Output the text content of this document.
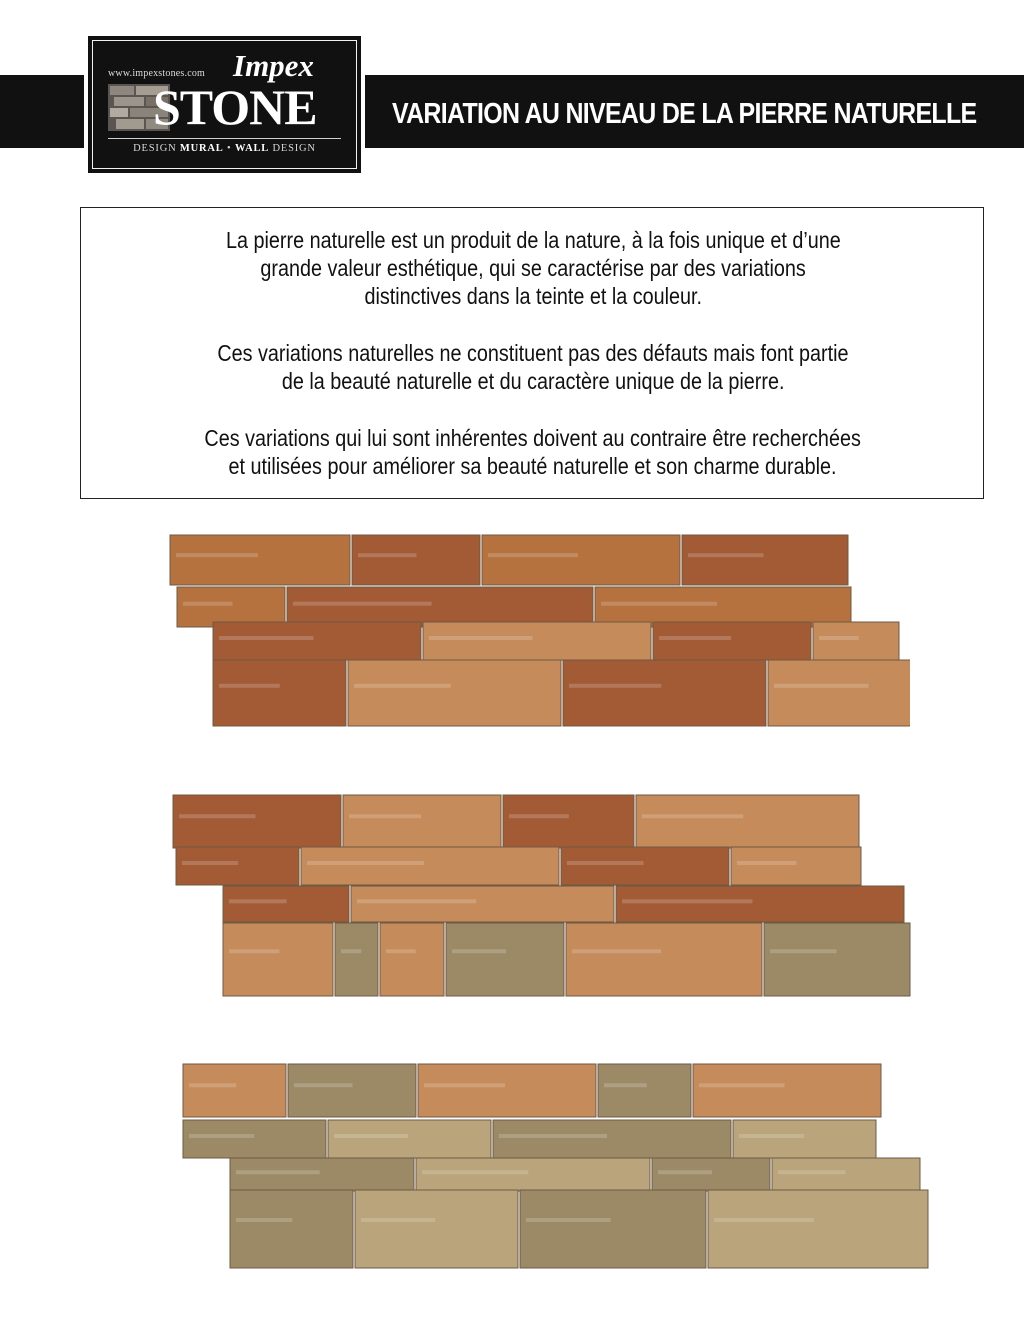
VARIATION AU NIVEAU DE LA PIERRE NATURELLE
www.impexstones.com Impex
STONE
DESIGN MURAL • WALL DESIGN

La pierre naturelle est un produit de la nature, à la fois unique et d’une
grande valeur esthétique, qui se caractérise par des variations
distinctives dans la teinte et la couleur.

Ces variations naturelles ne constituent pas des défauts mais font partie
de la beauté naturelle et du caractère unique de la pierre.

Ces variations qui lui sont inhérentes doivent au contraire être recherchées
et utilisées pour améliorer sa beauté naturelle et son charme durable.
